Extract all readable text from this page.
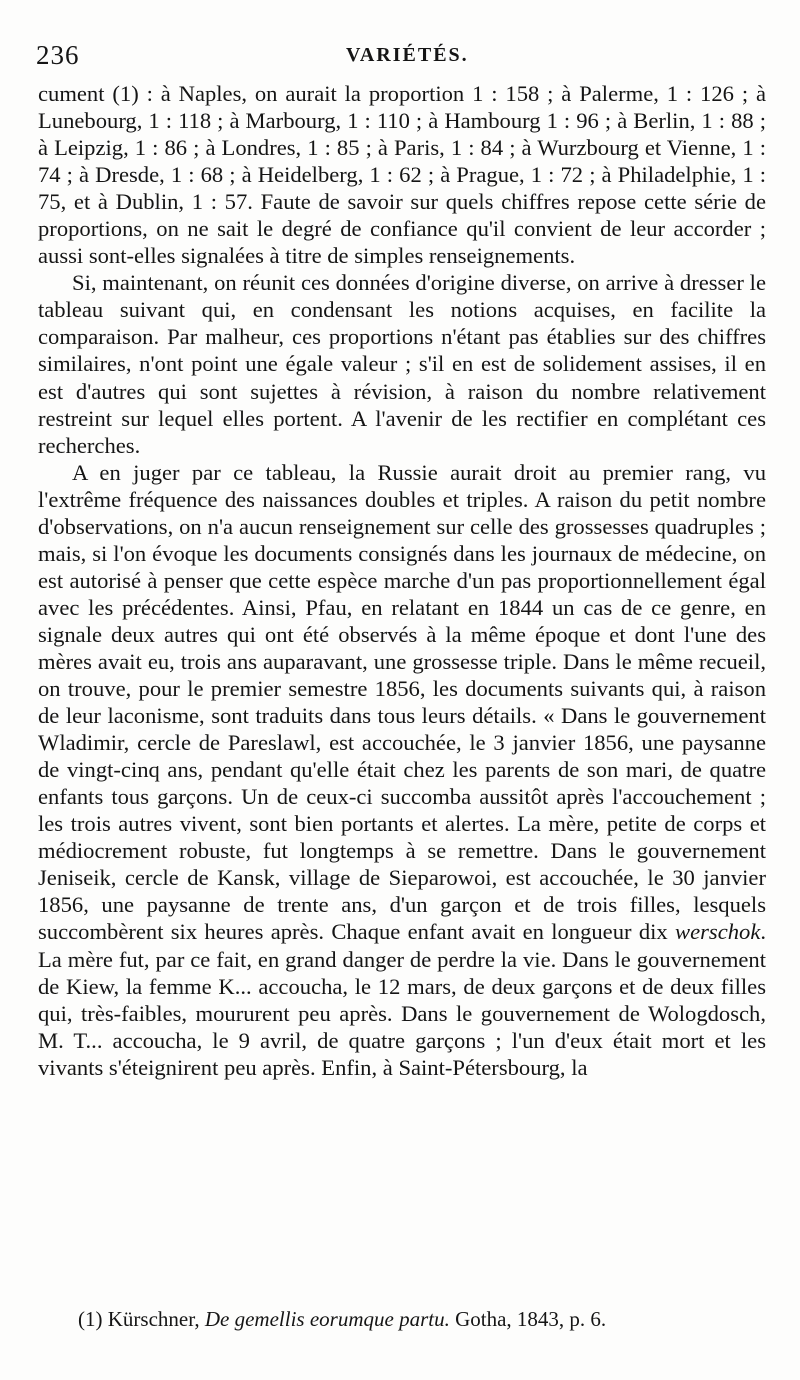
236	VARIÉTÉS.

cument (1) : à Naples, on aurait la proportion 1 : 158 ; à Palerme, 1 : 126 ; à Lunebourg, 1 : 118 ; à Marbourg, 1 : 110 ; à Hambourg 1 : 96 ; à Berlin, 1 : 88 ; à Leipzig, 1 : 86 ; à Londres, 1 : 85 ; à Paris, 1 : 84 ; à Wurzbourg et Vienne, 1 : 74 ; à Dresde, 1 : 68 ; à Heidelberg, 1 : 62 ; à Prague, 1 : 72 ; à Philadelphie, 1 : 75, et à Dublin, 1 : 57. Faute de savoir sur quels chiffres repose cette série de proportions, on ne sait le degré de confiance qu'il convient de leur accorder ; aussi sont-elles signalées à titre de simples renseignements.

Si, maintenant, on réunit ces données d'origine diverse, on arrive à dresser le tableau suivant qui, en condensant les notions acquises, en facilite la comparaison. Par malheur, ces proportions n'étant pas établies sur des chiffres similaires, n'ont point une égale valeur ; s'il en est de solidement assises, il en est d'autres qui sont sujettes à révision, à raison du nombre relativement restreint sur lequel elles portent. A l'avenir de les rectifier en complétant ces recherches.

A en juger par ce tableau, la Russie aurait droit au premier rang, vu l'extrême fréquence des naissances doubles et triples. A raison du petit nombre d'observations, on n'a aucun renseignement sur celle des grossesses quadruples ; mais, si l'on évoque les documents consignés dans les journaux de médecine, on est autorisé à penser que cette espèce marche d'un pas proportionnellement égal avec les précédentes. Ainsi, Pfau, en relatant en 1844 un cas de ce genre, en signale deux autres qui ont été observés à la même époque et dont l'une des mères avait eu, trois ans auparavant, une grossesse triple. Dans le même recueil, on trouve, pour le premier semestre 1856, les documents suivants qui, à raison de leur laconisme, sont traduits dans tous leurs détails. « Dans le gouvernement Wladimir, cercle de Pareslawl, est accouchée, le 3 janvier 1856, une paysanne de vingt-cinq ans, pendant qu'elle était chez les parents de son mari, de quatre enfants tous garçons. Un de ceux-ci succomba aussitôt après l'accouchement ; les trois autres vivent, sont bien portants et alertes. La mère, petite de corps et médiocrement robuste, fut longtemps à se remettre. Dans le gouvernement Jeniseik, cercle de Kansk, village de Sieparowoi, est accouchée, le 30 janvier 1856, une paysanne de trente ans, d'un garçon et de trois filles, lesquels succombèrent six heures après. Chaque enfant avait en longueur dix werschok. La mère fut, par ce fait, en grand danger de perdre la vie. Dans le gouvernement de Kiew, la femme K... accoucha, le 12 mars, de deux garçons et de deux filles qui, très-faibles, moururent peu après. Dans le gouvernement de Wologdosch, M. T... accoucha, le 9 avril, de quatre garçons ; l'un d'eux était mort et les vivants s'éteignirent peu après. Enfin, à Saint-Pétersbourg, la

(1) Kürschner, De gemellis eorumque partu. Gotha, 1843, p. 6.
